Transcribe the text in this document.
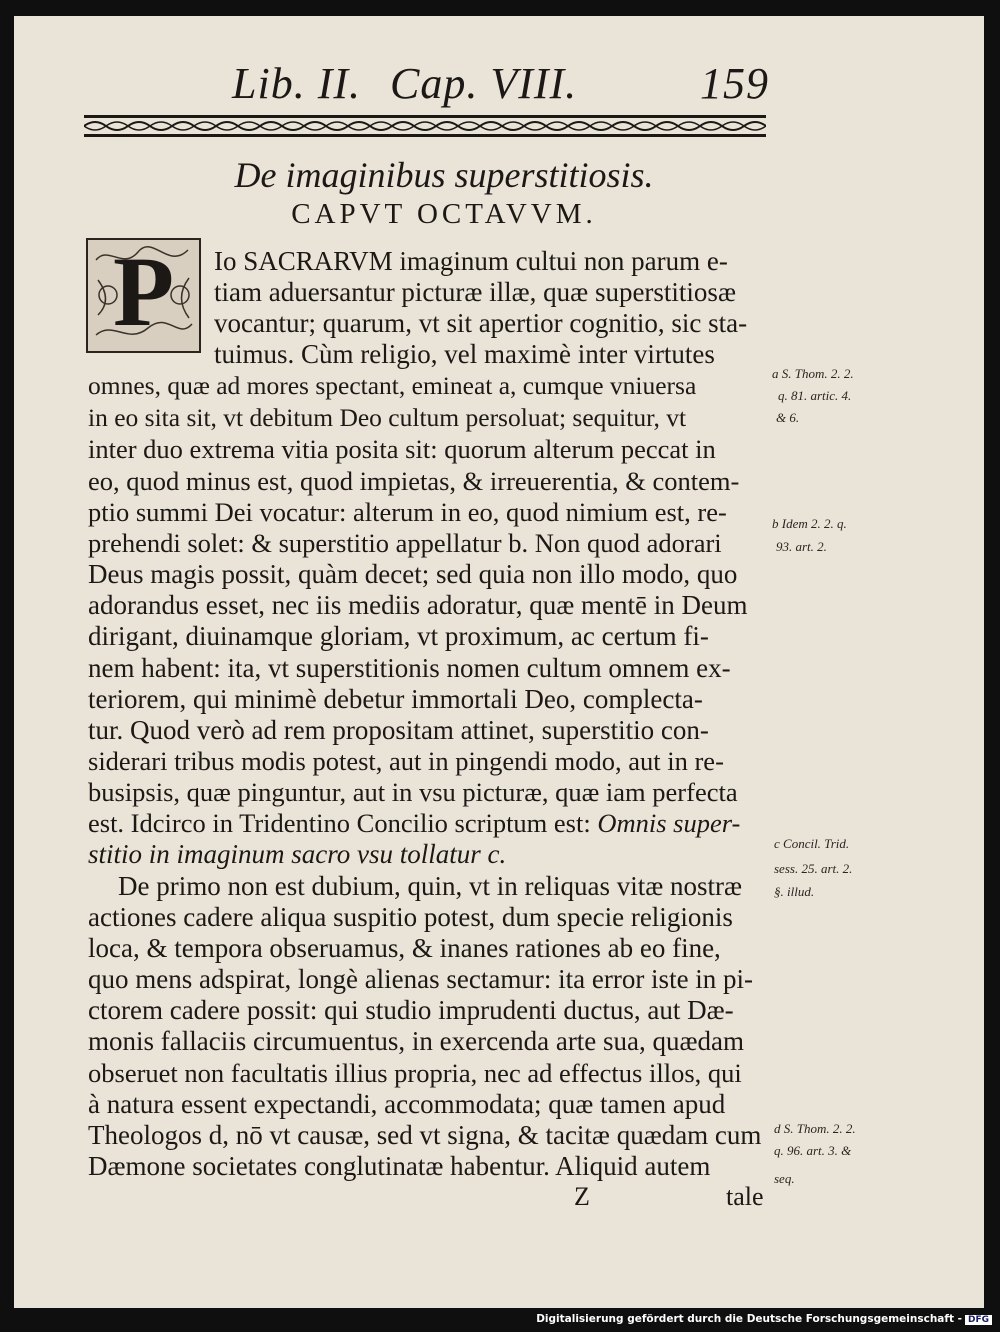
Lib. II. Cap. VIII.	159
De imaginibus superstitiosis.
CAPVT OCTAVVM.
P	Io SACRARVM imaginum cultui non parum e-
tiam aduersantur picturæ illæ, quæ superstitiosæ
vocantur; quarum, vt sit apertior cognitio, sic sta-
tuimus. Cùm religio, vel maximè inter virtutes
omnes, quæ ad mores spectant, emineat a, cumque vniuersa
in eo sita sit, vt debitum Deo cultum persoluat; sequitur, vt
inter duo extrema vitia posita sit: quorum alterum peccat in
eo, quod minus est, quod impietas, & irreuerentia, & contem-
ptio summi Dei vocatur: alterum in eo, quod nimium est, re-
prehendi solet: & superstitio appellatur b. Non quod adorari
Deus magis possit, quàm decet; sed quia non illo modo, quo
adorandus esset, nec iis mediis adoratur, quæ mentē in Deum
dirigant, diuinamque gloriam, vt proximum, ac certum fi-
nem habent: ita, vt superstitionis nomen cultum omnem ex-
teriorem, qui minimè debetur immortali Deo, complecta-
tur. Quod verò ad rem propositam attinet, superstitio con-
siderari tribus modis potest, aut in pingendi modo, aut in re-
busipsis, quæ pinguntur, aut in vsu picturæ, quæ iam perfecta
est. Idcirco in Tridentino Concilio scriptum est: Omnis super-
stitio in imaginum sacro vsu tollatur c.
De primo non est dubium, quin, vt in reliquas vitæ nostræ
actiones cadere aliqua suspitio potest, dum specie religionis
loca, & tempora obseruamus, & inanes rationes ab eo fine,
quo mens adspirat, longè alienas sectamur: ita error iste in pi-
ctorem cadere possit: qui studio imprudenti ductus, aut Dæ-
monis fallaciis circumuentus, in exercenda arte sua, quædam
obseruet non facultatis illius propria, nec ad effectus illos, qui
à natura essent expectandi, accommodata; quæ tamen apud
Theologos d, nō vt causæ, sed vt signa, & tacitæ quædam cum
Dæmone societates conglutinatæ habentur. Aliquid autem
Z	tale
a S. Thom. 2. 2.
q. 81. artic. 4.
& 6.
b Idem 2. 2. q.
93. art. 2.
c Concil. Trid.
sess. 25. art. 2.
§. illud.
d S. Thom. 2. 2.
q. 96. art. 3. &
seq.
Digitalisierung gefördert durch die Deutsche Forschungsgemeinschaft - DFG
